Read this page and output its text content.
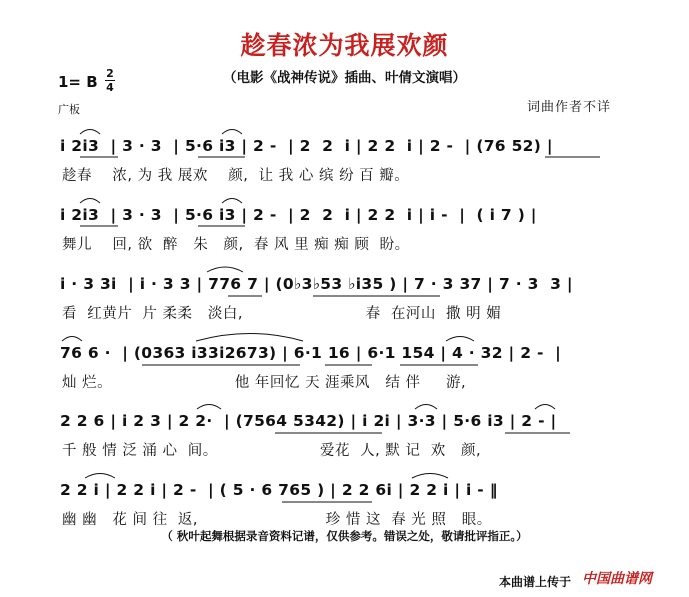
趁春浓为我展欢颜
（电影《战神传说》插曲、叶倩文演唱）
1= B 2
4
广板	词曲作者不详
i 2i3  | 3 · 3  | 5·6 i3 | 2 -  | 2  2  i | 2 2  i | 2 -  | (76 52) |
趁春    浓, 为 我 展欢    颜,  让 我 心 缤 纷 百 瓣。
i 2i3  | 3 · 3  | 5·6 i3 | 2 -  | 2  2  i | 2 2  i | i -  |  ( i 7 ) |
舞儿    回, 欲  醉   朱   颜,  春 风 里 痴 痴 顾  盼。
i · 3 3i  | i · 3 3 | 776 7 | (0♭3♭53 ♭i35 ) | 7 · 3 37 | 7 · 3  3 |
看  红黄片  片 柔柔   淡白,                        春  在河山  撒 明 媚
76 6 ·  | (0363 i33i2673) | 6·1 16 | 6·1 154 | 4 · 32 | 2 -  |
灿 烂。                        他 年回忆 天 涯乘风   结 伴     游,
2 2 6 | i 2 3 | 2 2·  | (7564 5342) | i 2i | 3·3 | 5·6 i3 | 2 - |
千 般 情 泛 涌 心  间。                    爱花  人, 默 记  欢   颜,
2 2 i | 2 2 i | 2 -  | ( 5 · 6 765 ) | 2 2 6i | 2 2 i | i - ‖
幽 幽   花 间 往  返,                         珍 惜 这  春 光 照   眼。
（ 秋叶起舞根据录音资料记谱，仅供参考。错误之处，敬请批评指正。）
本曲谱上传于 中国曲谱网
